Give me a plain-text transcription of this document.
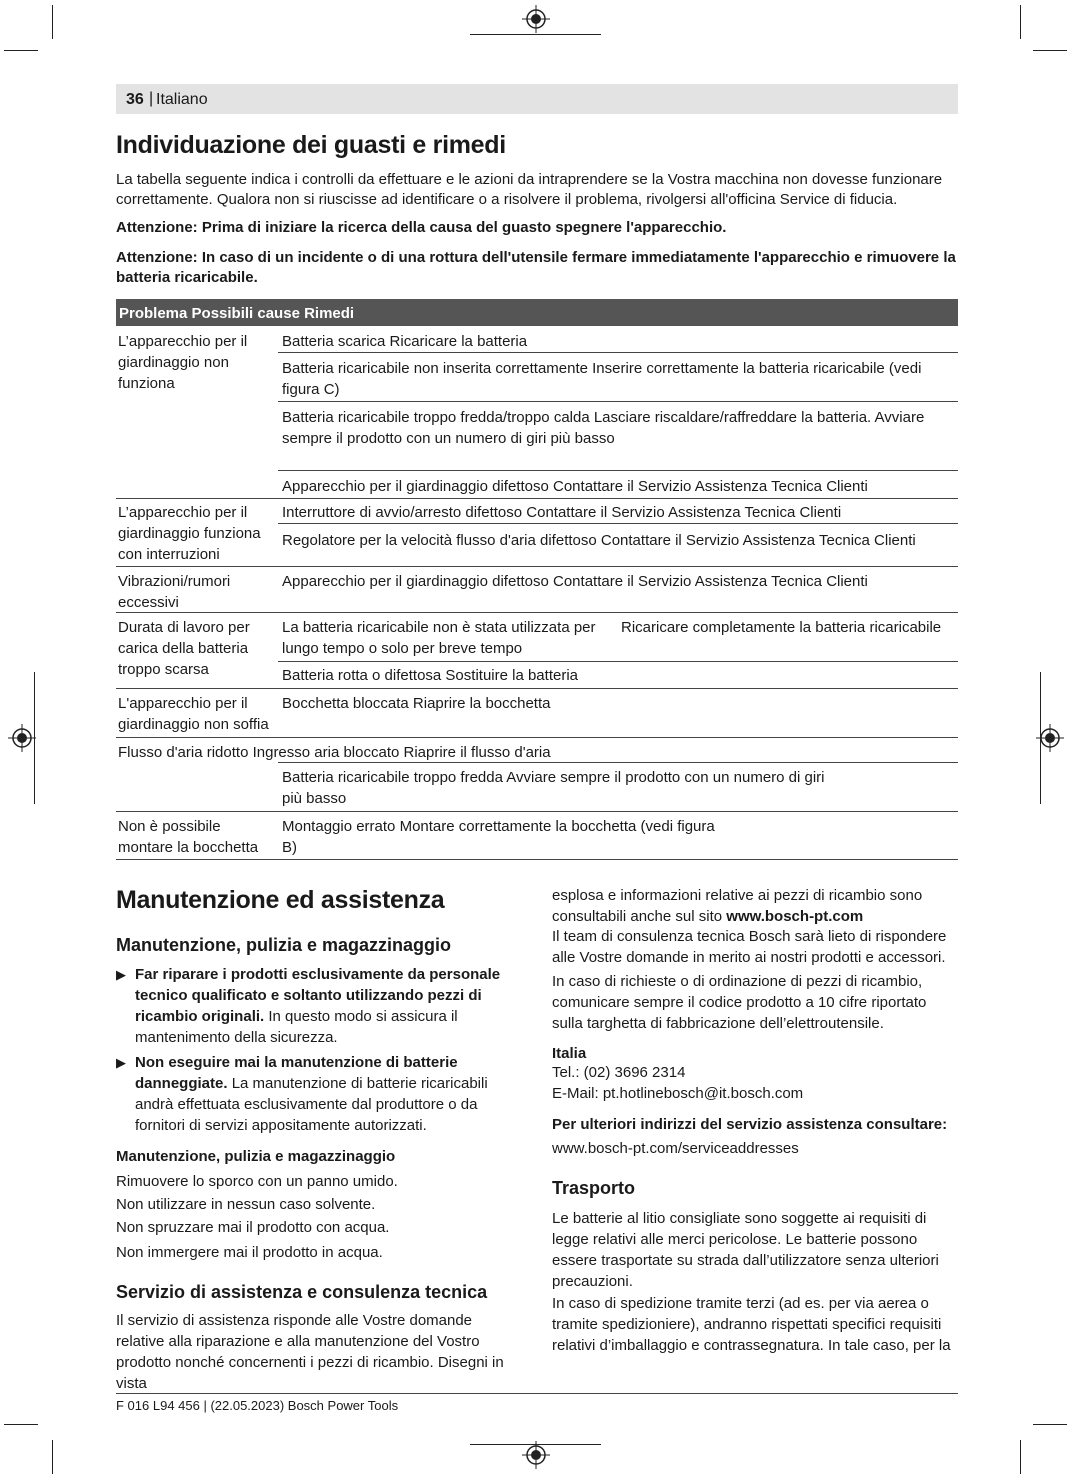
36 | Italiano
Individuazione dei guasti e rimedi

La tabella seguente indica i controlli da effettuare e le azioni da intraprendere se la Vostra macchina non dovesse funzionare correttamente. Qualora non si riuscisse ad identificare o a risolvere il problema, rivolgersi all'officina Service di fiducia.

Attenzione: Prima di iniziare la ricerca della causa del guasto spegnere l'apparecchio.

Attenzione: In caso di un incidente o di una rottura dell'utensile fermare immediatamente l'apparecchio e rimuovere la batteria ricaricabile.

Problema Possibili cause Rimedi
L’apparecchio per il giardinaggio non funziona
L’apparecchio per il giardinaggio funziona con interruzioni
Vibrazioni/rumori eccessivi
Durata di lavoro per carica della batteria troppo scarsa
L'apparecchio per il giardinaggio non soffia
Flusso d'aria ridotto Ingresso aria bloccato Riaprire il flusso d'aria
Non è possibile montare la bocchetta
Batteria scarica Ricaricare la batteria
Batteria ricaricabile non inserita correttamente Inserire correttamente la batteria ricaricabile (vedi figura C)
Batteria ricaricabile troppo fredda/troppo calda Lasciare riscaldare/raffreddare la batteria. Avviare sempre il prodotto con un numero di giri più basso
Apparecchio per il giardinaggio difettoso Contattare il Servizio Assistenza Tecnica Clienti
Interruttore di avvio/arresto difettoso Contattare il Servizio Assistenza Tecnica Clienti
Regolatore per la velocità flusso d'aria difettoso Contattare il Servizio Assistenza Tecnica Clienti
Apparecchio per il giardinaggio difettoso Contattare il Servizio Assistenza Tecnica Clienti
La batteria ricaricabile non è stata utilizzata per lungo tempo o solo per breve tempo
Ricaricare completamente la batteria ricaricabile
Batteria rotta o difettosa Sostituire la batteria
Bocchetta bloccata Riaprire la bocchetta
Batteria ricaricabile troppo fredda Avviare sempre il prodotto con un numero di giri più basso
Montaggio errato Montare correttamente la bocchetta (vedi figura B)
Manutenzione ed assistenza
Manutenzione, pulizia e magazzinaggio
▶ Far riparare i prodotti esclusivamente da personale tecnico qualificato e soltanto utilizzando pezzi di ricambio originali. In questo modo si assicura il mantenimento della sicurezza.
▶ Non eseguire mai la manutenzione di batterie danneggiate. La manutenzione di batterie ricaricabili andrà effettuata esclusivamente dal produttore o da fornitori di servizi appositamente autorizzati.
Manutenzione, pulizia e magazzinaggio
Rimuovere lo sporco con un panno umido.
Non utilizzare in nessun caso solvente.
Non spruzzare mai il prodotto con acqua.
Non immergere mai il prodotto in acqua.
Servizio di assistenza e consulenza tecnica
Il servizio di assistenza risponde alle Vostre domande relative alla riparazione e alla manutenzione del Vostro prodotto nonché concernenti i pezzi di ricambio. Disegni in vista
esplosa e informazioni relative ai pezzi di ricambio sono consultabili anche sul sito www.bosch-pt.com
Il team di consulenza tecnica Bosch sarà lieto di rispondere alle Vostre domande in merito ai nostri prodotti e accessori.
In caso di richieste o di ordinazione di pezzi di ricambio, comunicare sempre il codice prodotto a 10 cifre riportato sulla targhetta di fabbricazione dell’elettroutensile.
Italia
Tel.: (02) 3696 2314
E-Mail: pt.hotlinebosch@it.bosch.com
Per ulteriori indirizzi del servizio assistenza consultare:
www.bosch-pt.com/serviceaddresses
Trasporto
Le batterie al litio consigliate sono soggette ai requisiti di legge relativi alle merci pericolose. Le batterie possono essere trasportate su strada dall’utilizzatore senza ulteriori precauzioni.
In caso di spedizione tramite terzi (ad es. per via aerea o tramite spedizioniere), andranno rispettati specifici requisiti relativi d’imballaggio e contrassegnatura. In tale caso, per la
F 016 L94 456 | (22.05.2023) Bosch Power Tools
